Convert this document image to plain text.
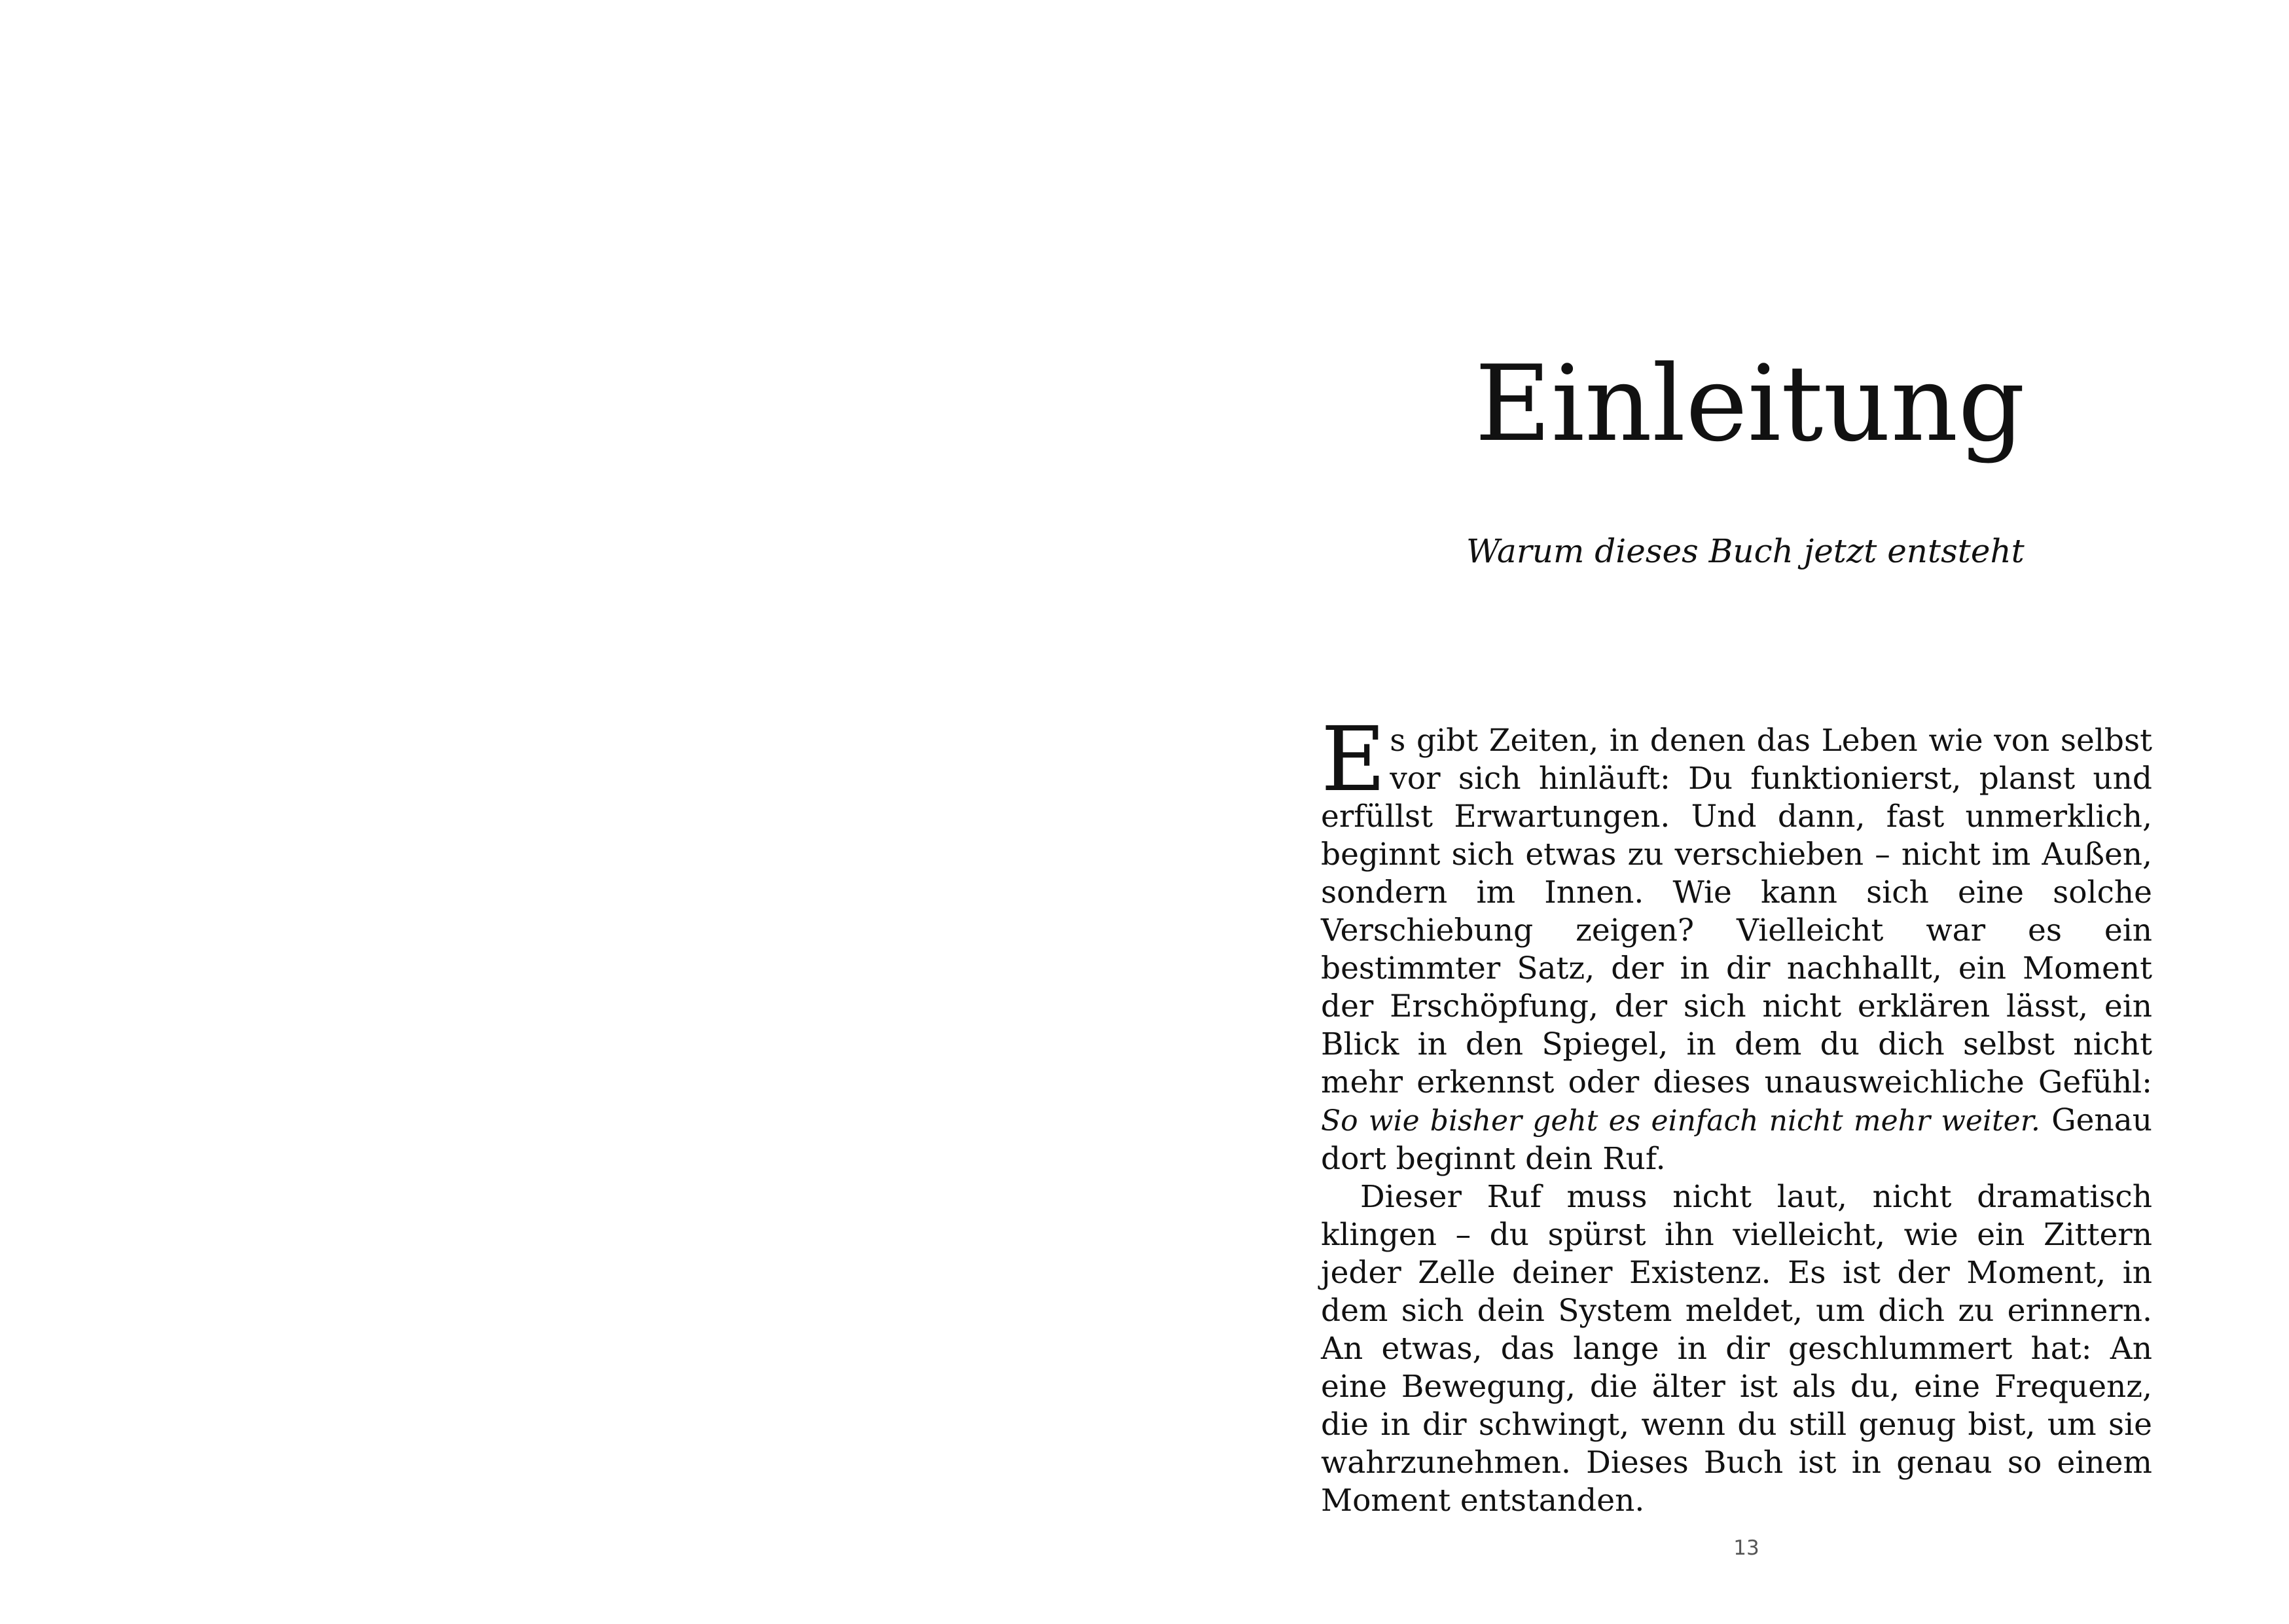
Einleitung
Warum dieses Buch jetzt entsteht

Es gibt Zeiten, in denen das Leben wie von selbst vor sich hinläuft: Du funktionierst, planst und erfüllst Erwartungen. Und dann, fast unmerklich, beginnt sich etwas zu verschieben – nicht im Außen, sondern im Innen. Wie kann sich eine solche Verschiebung zeigen? Vielleicht war es ein bestimmter Satz, der in dir nachhallt, ein Moment der Erschöpfung, der sich nicht erklären lässt, ein Blick in den Spiegel, in dem du dich selbst nicht mehr erkennst oder dieses unausweichliche Gefühl: So wie bisher geht es einfach nicht mehr weiter. Genau dort beginnt dein Ruf.

Dieser Ruf muss nicht laut, nicht dramatisch klingen – du spürst ihn vielleicht, wie ein Zittern jeder Zelle deiner Existenz. Es ist der Moment, in dem sich dein System meldet, um dich zu erinnern. An etwas, das lange in dir geschlummert hat: An eine Bewegung, die älter ist als du, eine Frequenz, die in dir schwingt, wenn du still genug bist, um sie wahrzunehmen. Dieses Buch ist in genau so einem Moment entstanden.

13
